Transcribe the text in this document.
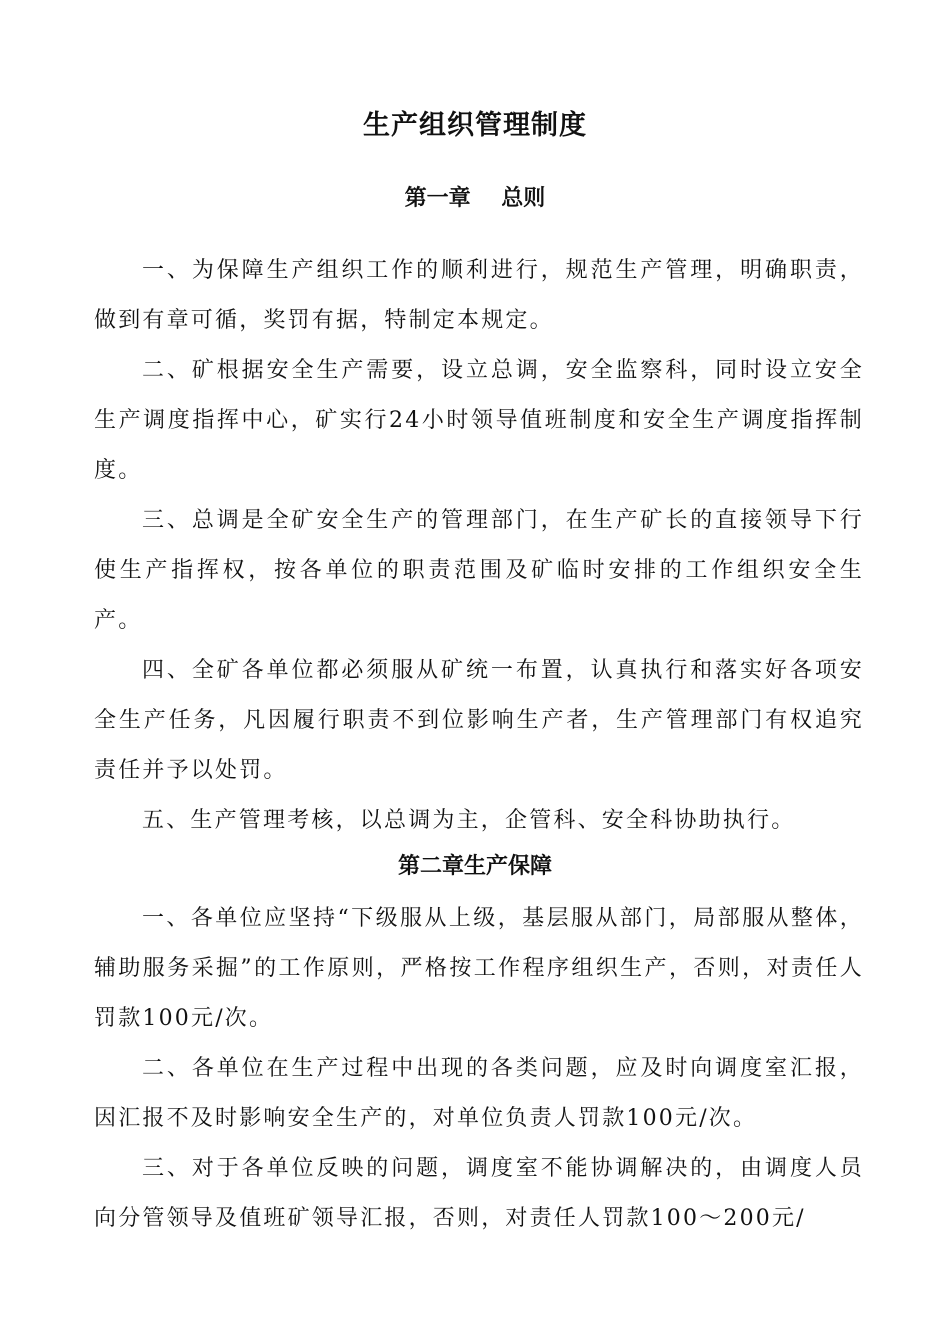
生产组织管理制度
第一章    总则

一、为保障生产组织工作的顺利进行，规范生产管理，明确职责，做到有章可循，奖罚有据，特制定本规定。

二、矿根据安全生产需要，设立总调，安全监察科，同时设立安全生产调度指挥中心，矿实行24小时领导值班制度和安全生产调度指挥制度。

三、总调是全矿安全生产的管理部门，在生产矿长的直接领导下行使生产指挥权，按各单位的职责范围及矿临时安排的工作组织安全生产。

四、全矿各单位都必须服从矿统一布置，认真执行和落实好各项安全生产任务，凡因履行职责不到位影响生产者，生产管理部门有权追究责任并予以处罚。

五、生产管理考核，以总调为主，企管科、安全科协助执行。

第二章生产保障

一、各单位应坚持“下级服从上级，基层服从部门，局部服从整体，辅助服务采掘”的工作原则，严格按工作程序组织生产，否则，对责任人罚款100元/次。

二、各单位在生产过程中出现的各类问题，应及时向调度室汇报，因汇报不及时影响安全生产的，对单位负责人罚款100元/次。

三、对于各单位反映的问题，调度室不能协调解决的，由调度人员向分管领导及值班矿领导汇报，否则，对责任人罚款100～200元/
